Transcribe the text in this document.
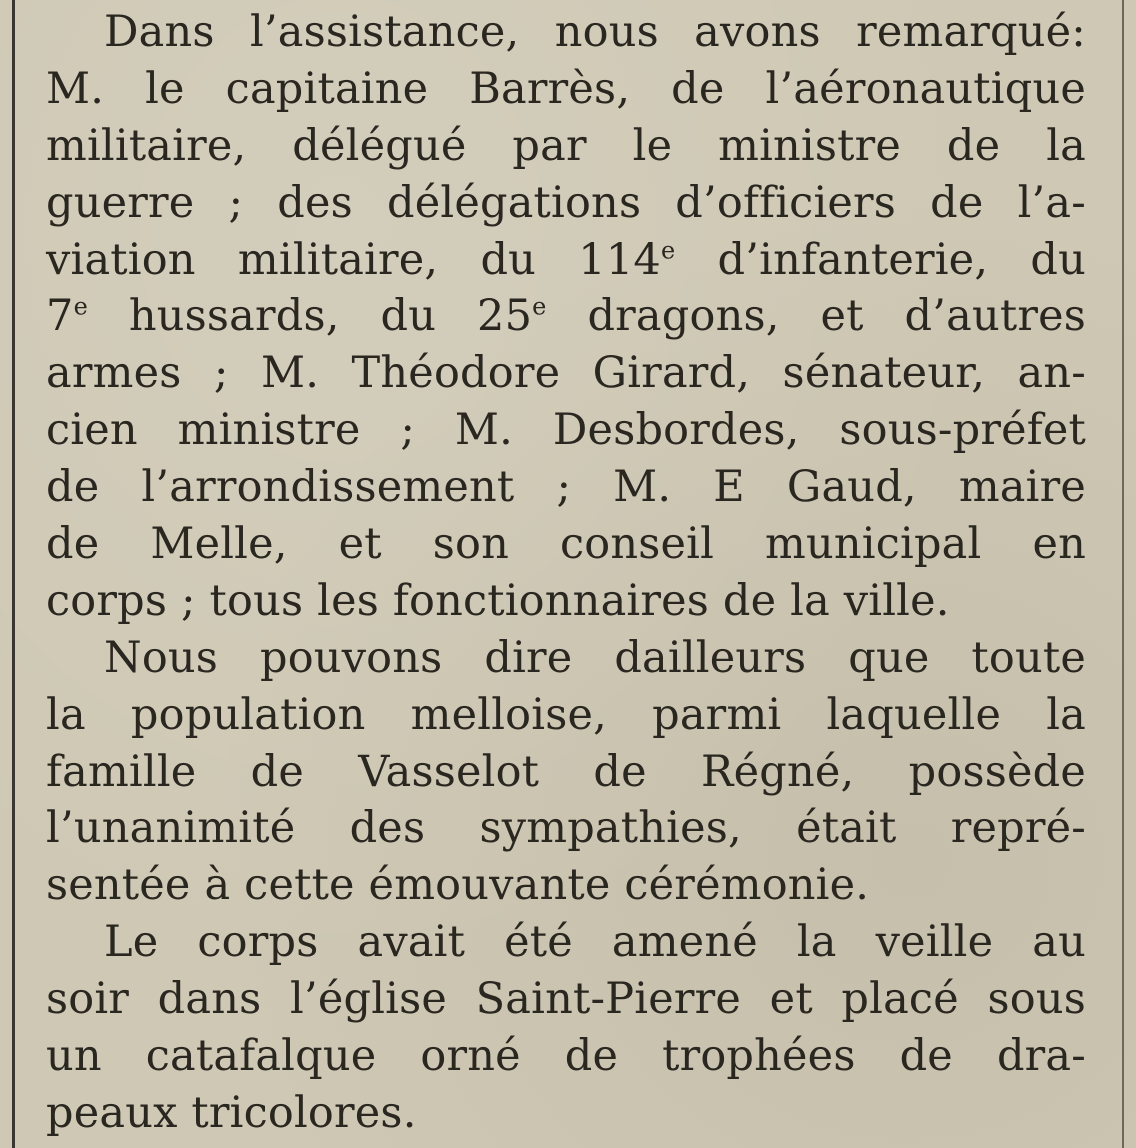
Dans l’assistance, nous avons remarqué:
M. le capitaine Barrès, de l’aéronautique
militaire, délégué par le ministre de la
guerre ; des délégations d’officiers de l’a-
viation militaire, du 114e d’infanterie, du
7e hussards, du 25e dragons, et d’autres
armes ; M. Théodore Girard, sénateur, an-
cien ministre ; M. Desbordes, sous-préfet
de l’arrondissement ; M. E Gaud, maire
de Melle, et son conseil municipal en
corps ; tous les fonctionnaires de la ville.
Nous pouvons dire dailleurs que toute
la population melloise, parmi laquelle la
famille de Vasselot de Régné, possède
l’unanimité des sympathies, était repré-
sentée à cette émouvante cérémonie.
Le corps avait été amené la veille au
soir dans l’église Saint-Pierre et placé sous
un catafalque orné de trophées de dra-
peaux tricolores.
